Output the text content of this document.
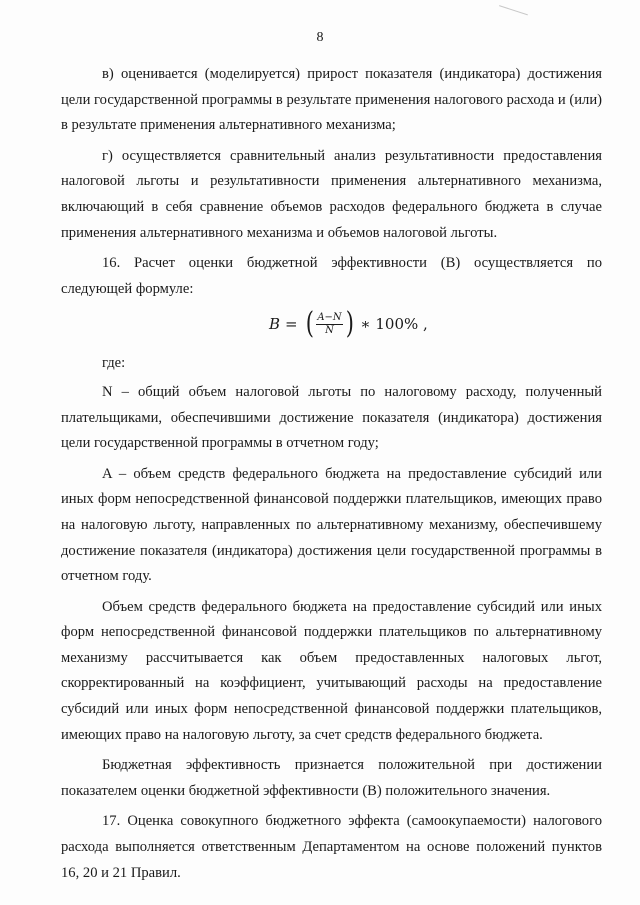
8

в) оценивается (моделируется) прирост показателя (индикатора) достижения цели государственной программы в результате применения налогового расхода и (или) в результате применения альтернативного механизма;

г) осуществляется сравнительный анализ результативности предоставления налоговой льготы и результативности применения альтернативного механизма, включающий в себя сравнение объемов расходов федерального бюджета в случае применения альтернативного механизма и объемов налоговой льготы.

16. Расчет оценки бюджетной эффективности (B) осуществляется по следующей формуле:

B = ( $\frac{A-N}{N}$ ) ∗ 100% ,

где:

N – общий объем налоговой льготы по налоговому расходу, полученный плательщиками, обеспечившими достижение показателя (индикатора) достижения цели государственной программы в отчетном году;

A – объем средств федерального бюджета на предоставление субсидий или иных форм непосредственной финансовой поддержки плательщиков, имеющих право на налоговую льготу, направленных по альтернативному механизму, обеспечившему достижение показателя (индикатора) достижения цели государственной программы в отчетном году.

Объем средств федерального бюджета на предоставление субсидий или иных форм непосредственной финансовой поддержки плательщиков по альтернативному механизму рассчитывается как объем предоставленных налоговых льгот, скорректированный на коэффициент, учитывающий расходы на предоставление субсидий или иных форм непосредственной финансовой поддержки плательщиков, имеющих право на налоговую льготу, за счет средств федерального бюджета.

Бюджетная эффективность признается положительной при достижении показателем оценки бюджетной эффективности (B) положительного значения.

17. Оценка совокупного бюджетного эффекта (самоокупаемости) налогового расхода выполняется ответственным Департаментом на основе положений пунктов 16, 20 и 21 Правил.
